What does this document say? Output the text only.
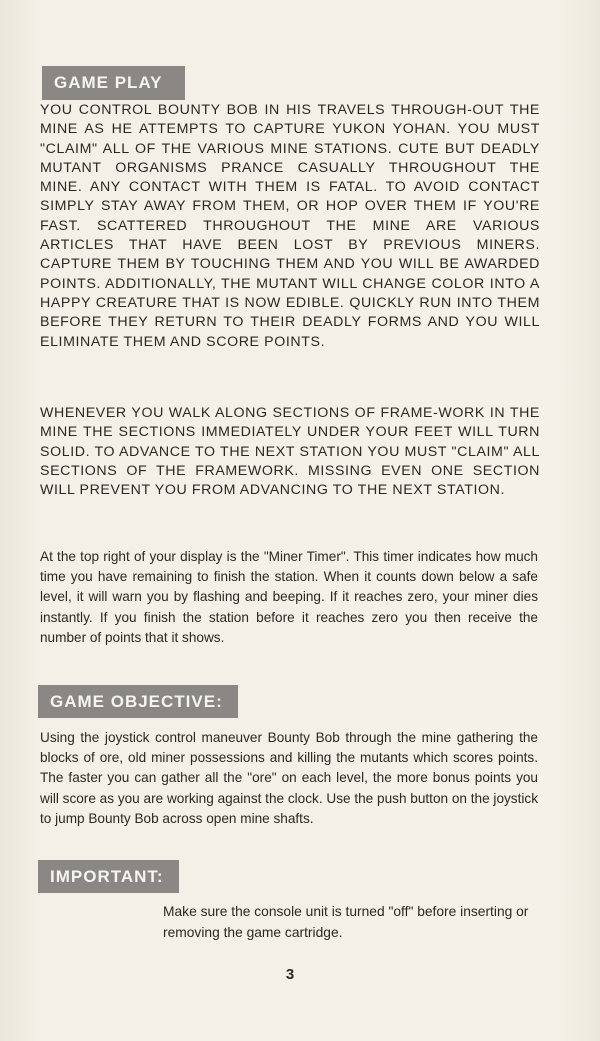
GAME PLAY

YOU CONTROL BOUNTY BOB IN HIS TRAVELS THROUGH-OUT THE MINE AS HE ATTEMPTS TO CAPTURE YUKON YOHAN. YOU MUST "CLAIM" ALL OF THE VARIOUS MINE STATIONS. CUTE BUT DEADLY MUTANT ORGANISMS PRANCE CASUALLY THROUGHOUT THE MINE. ANY CONTACT WITH THEM IS FATAL. TO AVOID CONTACT SIMPLY STAY AWAY FROM THEM, OR HOP OVER THEM IF YOU'RE FAST. SCATTERED THROUGHOUT THE MINE ARE VARIOUS ARTICLES THAT HAVE BEEN LOST BY PREVIOUS MINERS. CAPTURE THEM BY TOUCHING THEM AND YOU WILL BE AWARDED POINTS. ADDITIONALLY, THE MUTANT WILL CHANGE COLOR INTO A HAPPY CREATURE THAT IS NOW EDIBLE. QUICKLY RUN INTO THEM BEFORE THEY RETURN TO THEIR DEADLY FORMS AND YOU WILL ELIMINATE THEM AND SCORE POINTS.

WHENEVER YOU WALK ALONG SECTIONS OF FRAME-WORK IN THE MINE THE SECTIONS IMMEDIATELY UNDER YOUR FEET WILL TURN SOLID. TO ADVANCE TO THE NEXT STATION YOU MUST "CLAIM" ALL SECTIONS OF THE FRAMEWORK. MISSING EVEN ONE SECTION WILL PREVENT YOU FROM ADVANCING TO THE NEXT STATION.

At the top right of your display is the "Miner Timer". This timer indicates how much time you have remaining to finish the station. When it counts down below a safe level, it will warn you by flashing and beeping. If it reaches zero, your miner dies instantly. If you finish the station before it reaches zero you then receive the number of points that it shows.

GAME OBJECTIVE:

Using the joystick control maneuver Bounty Bob through the mine gathering the blocks of ore, old miner possessions and killing the mutants which scores points. The faster you can gather all the "ore" on each level, the more bonus points you will score as you are working against the clock. Use the push button on the joystick to jump Bounty Bob across open mine shafts.

IMPORTANT:

Make sure the console unit is turned "off" before inserting or removing the game cartridge.

3
